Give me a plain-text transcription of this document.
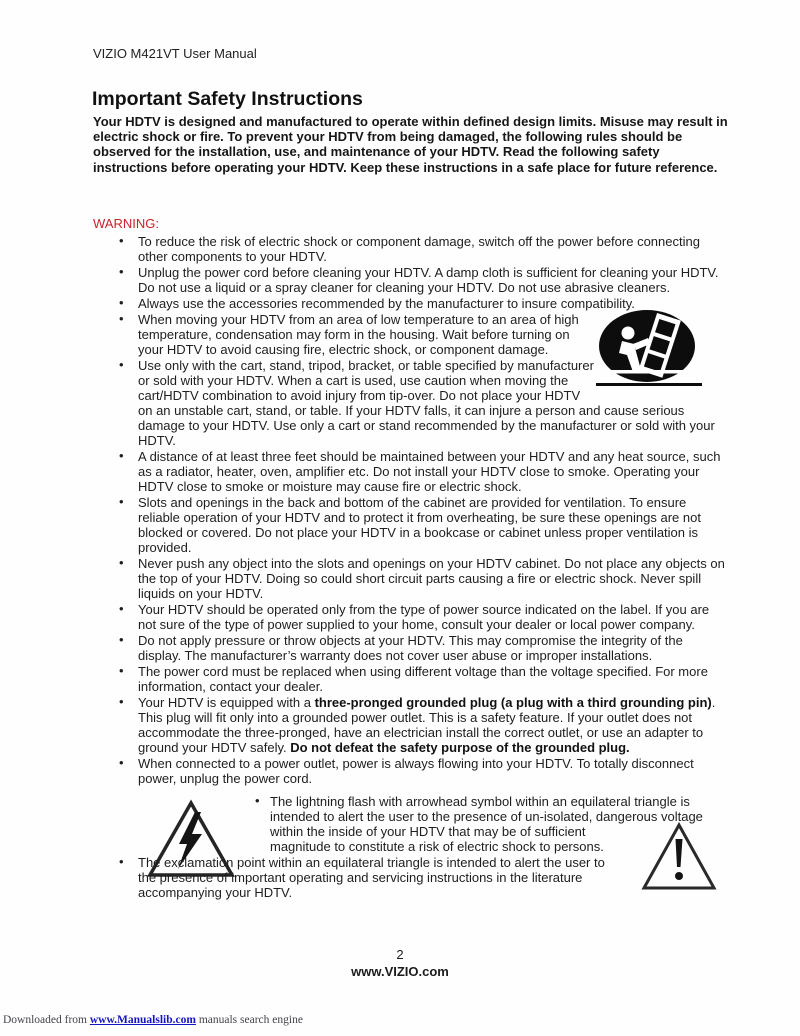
VIZIO M421VT User Manual
Important Safety Instructions
Your HDTV is designed and manufactured to operate within defined design limits. Misuse may result in electric shock or fire. To prevent your HDTV from being damaged, the following rules should be observed for the installation, use, and maintenance of your HDTV. Read the following safety instructions before operating your HDTV. Keep these instructions in a safe place for future reference.
WARNING:
• To reduce the risk of electric shock or component damage, switch off the power before connecting other components to your HDTV.
• Unplug the power cord before cleaning your HDTV. A damp cloth is sufficient for cleaning your HDTV. Do not use a liquid or a spray cleaner for cleaning your HDTV. Do not use abrasive cleaners.
• Always use the accessories recommended by the manufacturer to insure compatibility.
• When moving your HDTV from an area of low temperature to an area of high temperature, condensation may form in the housing. Wait before turning on your HDTV to avoid causing fire, electric shock, or component damage.
• Use only with the cart, stand, tripod, bracket, or table specified by manufacturer or sold with your HDTV. When a cart is used, use caution when moving the cart/HDTV combination to avoid injury from tip-over. Do not place your HDTV on an unstable cart, stand, or table. If your HDTV falls, it can injure a person and cause serious damage to your HDTV. Use only a cart or stand recommended by the manufacturer or sold with your HDTV.
• A distance of at least three feet should be maintained between your HDTV and any heat source, such as a radiator, heater, oven, amplifier etc. Do not install your HDTV close to smoke. Operating your HDTV close to smoke or moisture may cause fire or electric shock.
• Slots and openings in the back and bottom of the cabinet are provided for ventilation. To ensure reliable operation of your HDTV and to protect it from overheating, be sure these openings are not blocked or covered. Do not place your HDTV in a bookcase or cabinet unless proper ventilation is provided.
• Never push any object into the slots and openings on your HDTV cabinet. Do not place any objects on the top of your HDTV. Doing so could short circuit parts causing a fire or electric shock. Never spill liquids on your HDTV.
• Your HDTV should be operated only from the type of power source indicated on the label. If you are not sure of the type of power supplied to your home, consult your dealer or local power company.
• Do not apply pressure or throw objects at your HDTV. This may compromise the integrity of the display. The manufacturer’s warranty does not cover user abuse or improper installations.
• The power cord must be replaced when using different voltage than the voltage specified. For more information, contact your dealer.
• Your HDTV is equipped with a three-pronged grounded plug (a plug with a third grounding pin). This plug will fit only into a grounded power outlet. This is a safety feature. If your outlet does not accommodate the three-pronged, have an electrician install the correct outlet, or use an adapter to ground your HDTV safely. Do not defeat the safety purpose of the grounded plug.
• When connected to a power outlet, power is always flowing into your HDTV. To totally disconnect power, unplug the power cord.
• The lightning flash with arrowhead symbol within an equilateral triangle is intended to alert the user to the presence of un-isolated, dangerous
voltage within the inside of your HDTV that may be of sufficient magnitude to constitute a risk of electric shock to persons.
• The exclamation point within an equilateral triangle is intended to alert the user to the presence of important operating and servicing instructions in the literature accompanying your HDTV.
2
www.VIZIO.com
Downloaded from www.Manualslib.com manuals search engine
